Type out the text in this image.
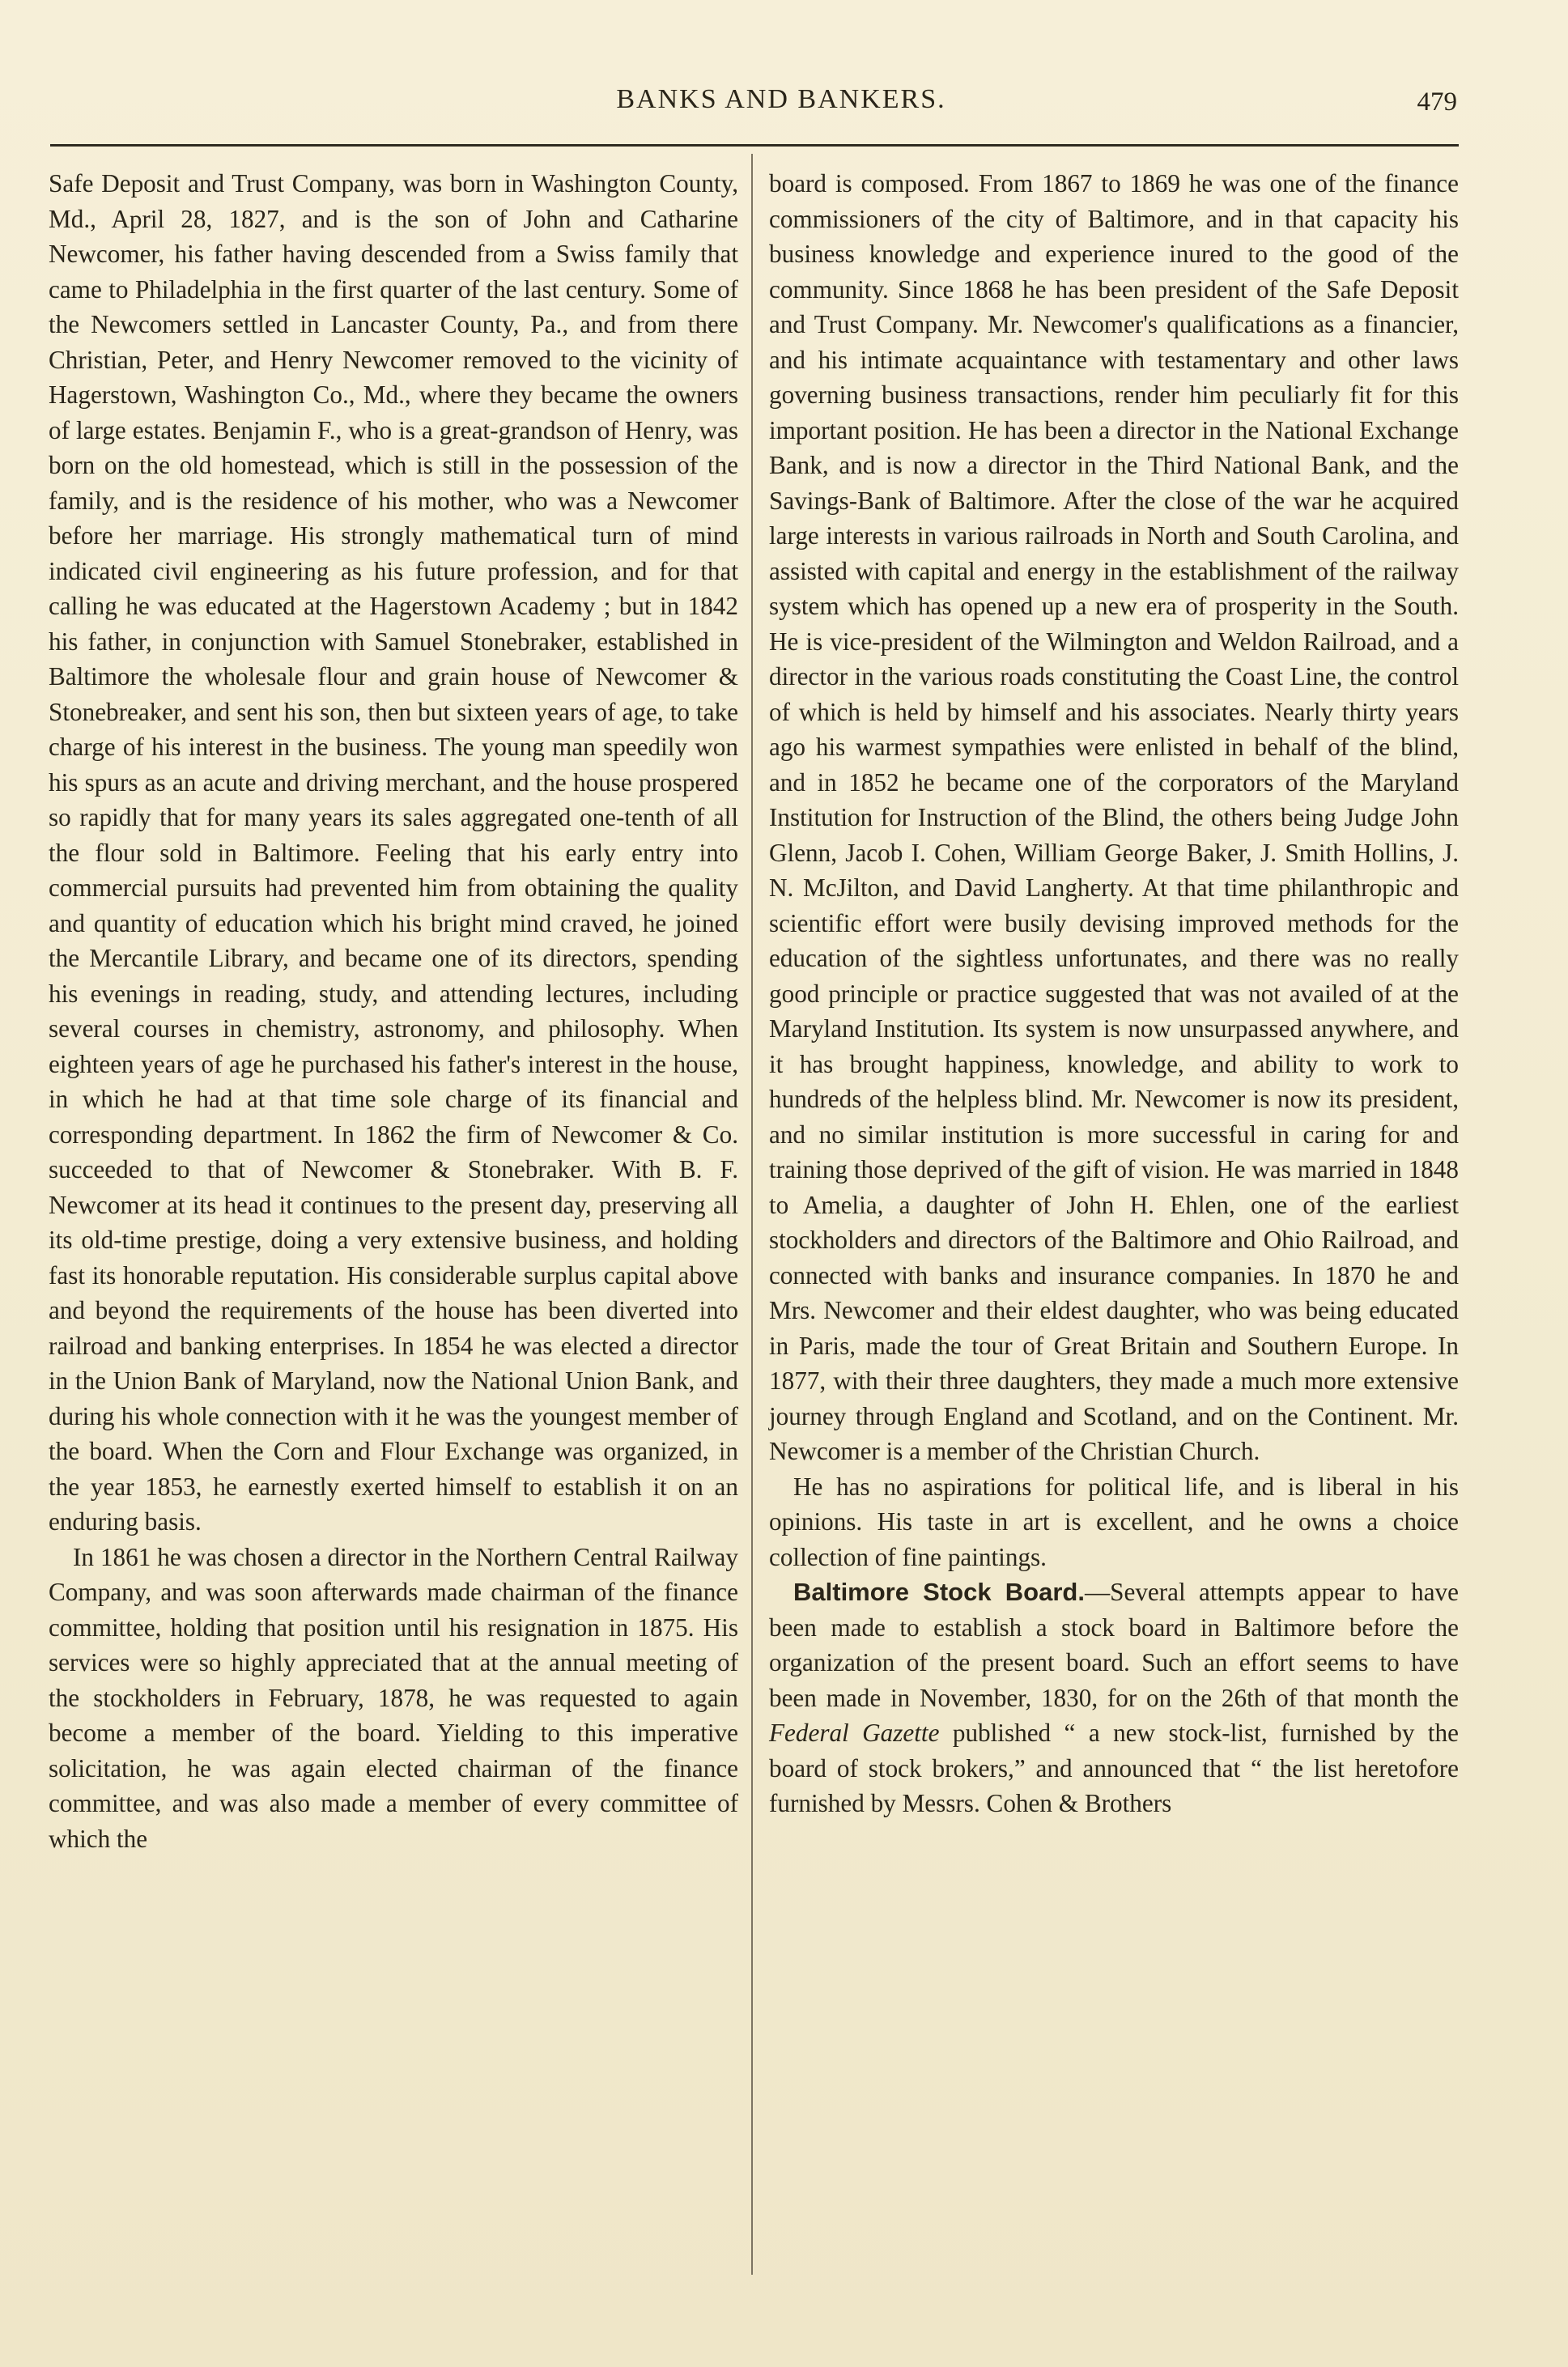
BANKS AND BANKERS.	479

Safe Deposit and Trust Company, was born in Washington County, Md., April 28, 1827, and is the son of John and Catharine Newcomer, his father having descended from a Swiss family that came to Philadelphia in the first quarter of the last century. Some of the Newcomers settled in Lancaster County, Pa., and from there Christian, Peter, and Henry Newcomer removed to the vicinity of Hagerstown, Washington Co., Md., where they became the owners of large estates. Benjamin F., who is a great-grandson of Henry, was born on the old homestead, which is still in the possession of the family, and is the residence of his mother, who was a Newcomer before her marriage. His strongly mathematical turn of mind indicated civil engineering as his future profession, and for that calling he was educated at the Hagerstown Academy ; but in 1842 his father, in conjunction with Samuel Stonebraker, established in Baltimore the wholesale flour and grain house of Newcomer & Stonebreaker, and sent his son, then but sixteen years of age, to take charge of his interest in the business. The young man speedily won his spurs as an acute and driving merchant, and the house prospered so rapidly that for many years its sales aggregated one-tenth of all the flour sold in Baltimore. Feeling that his early entry into commercial pursuits had prevented him from obtaining the quality and quantity of education which his bright mind craved, he joined the Mercantile Library, and became one of its directors, spending his evenings in reading, study, and attending lectures, including several courses in chemistry, astronomy, and philosophy. When eighteen years of age he purchased his father's interest in the house, in which he had at that time sole charge of its financial and corresponding department. In 1862 the firm of Newcomer & Co. succeeded to that of Newcomer & Stonebraker. With B. F. Newcomer at its head it continues to the present day, preserving all its old-time prestige, doing a very extensive business, and holding fast its honorable reputation. His considerable surplus capital above and beyond the requirements of the house has been diverted into railroad and banking enterprises. In 1854 he was elected a director in the Union Bank of Maryland, now the National Union Bank, and during his whole connection with it he was the youngest member of the board. When the Corn and Flour Exchange was organized, in the year 1853, he earnestly exerted himself to establish it on an enduring basis.

In 1861 he was chosen a director in the Northern Central Railway Company, and was soon afterwards made chairman of the finance committee, holding that position until his resignation in 1875. His services were so highly appreciated that at the annual meeting of the stockholders in February, 1878, he was requested to again become a member of the board. Yielding to this imperative solicitation, he was again elected chairman of the finance committee, and was also made a member of every committee of which the

board is composed. From 1867 to 1869 he was one of the finance commissioners of the city of Baltimore, and in that capacity his business knowledge and experience inured to the good of the community. Since 1868 he has been president of the Safe Deposit and Trust Company. Mr. Newcomer's qualifications as a financier, and his intimate acquaintance with testamentary and other laws governing business transactions, render him peculiarly fit for this important position. He has been a director in the National Exchange Bank, and is now a director in the Third National Bank, and the Savings-Bank of Baltimore. After the close of the war he acquired large interests in various railroads in North and South Carolina, and assisted with capital and energy in the establishment of the railway system which has opened up a new era of prosperity in the South. He is vice-president of the Wilmington and Weldon Railroad, and a director in the various roads constituting the Coast Line, the control of which is held by himself and his associates. Nearly thirty years ago his warmest sympathies were enlisted in behalf of the blind, and in 1852 he became one of the corporators of the Maryland Institution for Instruction of the Blind, the others being Judge John Glenn, Jacob I. Cohen, William George Baker, J. Smith Hollins, J. N. McJilton, and David Langherty. At that time philanthropic and scientific effort were busily devising improved methods for the education of the sightless unfortunates, and there was no really good principle or practice suggested that was not availed of at the Maryland Institution. Its system is now unsurpassed anywhere, and it has brought happiness, knowledge, and ability to work to hundreds of the helpless blind. Mr. Newcomer is now its president, and no similar institution is more successful in caring for and training those deprived of the gift of vision. He was married in 1848 to Amelia, a daughter of John H. Ehlen, one of the earliest stockholders and directors of the Baltimore and Ohio Railroad, and connected with banks and insurance companies. In 1870 he and Mrs. Newcomer and their eldest daughter, who was being educated in Paris, made the tour of Great Britain and Southern Europe. In 1877, with their three daughters, they made a much more extensive journey through England and Scotland, and on the Continent. Mr. Newcomer is a member of the Christian Church.

He has no aspirations for political life, and is liberal in his opinions. His taste in art is excellent, and he owns a choice collection of fine paintings.

Baltimore Stock Board.—Several attempts appear to have been made to establish a stock board in Baltimore before the organization of the present board. Such an effort seems to have been made in November, 1830, for on the 26th of that month the Federal Gazette published “ a new stock-list, furnished by the board of stock brokers,” and announced that “ the list heretofore furnished by Messrs. Cohen & Brothers
